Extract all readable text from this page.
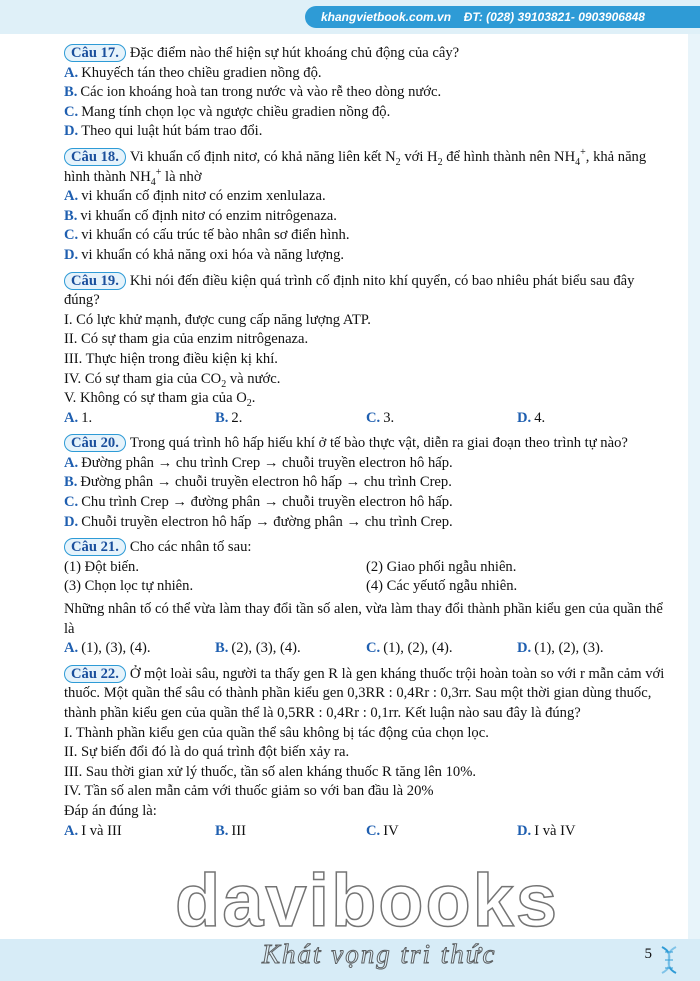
khangvietbook.com.vn ĐT: (028) 39103821- 0903906848
Câu 17. Đặc điểm nào thể hiện sự hút khoáng chủ động của cây?
A. Khuyếch tán theo chiều gradien nồng độ.
B. Các ion khoáng hoà tan trong nước và vào rễ theo dòng nước.
C. Mang tính chọn lọc và ngược chiều gradien nồng độ.
D. Theo qui luật hút bám trao đổi.
Câu 18. Vi khuẩn cố định nitơ, có khả năng liên kết $N_2$ với $H_2$ để hình thành nên $NH_4^+$, khả năng hình thành $NH_4^+$ là nhờ
A. vi khuẩn cố định nitơ có enzim xenlulaza.
B. vi khuẩn cố định nitơ có enzim nitrôgenaza.
C. vi khuẩn có cấu trúc tế bào nhân sơ điển hình.
D. vi khuẩn có khả năng oxi hóa và năng lượng.
Câu 19. Khi nói đến điều kiện quá trình cố định nito khí quyển, có bao nhiêu phát biểu sau đây đúng?
I. Có lực khử mạnh, được cung cấp năng lượng ATP.
II. Có sự tham gia của enzim nitrôgenaza.
III. Thực hiện trong điều kiện kị khí.
IV. Có sự tham gia của $CO_2$ và nước.
V. Không có sự tham gia của $O_2$.
A. 1.	B. 2.	C. 3.	D. 4.
Câu 20. Trong quá trình hô hấp hiếu khí ở tế bào thực vật, diễn ra giai đoạn theo trình tự nào?
A. Đường phân → chu trình Crep → chuỗi truyền electron hô hấp.
B. Đường phân → chuỗi truyền electron hô hấp → chu trình Crep.
C. Chu trình Crep → đường phân → chuỗi truyền electron hô hấp.
D. Chuỗi truyền electron hô hấp → đường phân → chu trình Crep.
Câu 21. Cho các nhân tố sau:
(1) Đột biến.	(2) Giao phối ngẫu nhiên.
(3) Chọn lọc tự nhiên.	(4) Các yếutố ngẫu nhiên.
Những nhân tố có thể vừa làm thay đổi tần số alen, vừa làm thay đổi thành phần kiểu gen của quần thể là
A. (1), (3), (4).	B. (2), (3), (4).	C. (1), (2), (4).	D. (1), (2), (3).
Câu 22. Ở một loài sâu, người ta thấy gen R là gen kháng thuốc trội hoàn toàn so với r mẫn cảm với thuốc. Một quần thể sâu có thành phần kiểu gen 0,3RR : 0,4Rr : 0,3rr. Sau một thời gian dùng thuốc, thành phần kiểu gen của quần thể là 0,5RR : 0,4Rr : 0,1rr. Kết luận nào sau đây là đúng?
I. Thành phần kiểu gen của quần thể sâu không bị tác động của chọn lọc.
II. Sự biến đổi đó là do quá trình đột biến xảy ra.
III. Sau thời gian xử lý thuốc, tần số alen kháng thuốc R tăng lên 10%.
IV. Tần số alen mẫn cảm với thuốc giảm so với ban đầu là 20%
Đáp án đúng là:
A. I và III	B. III	C. IV	D. I và IV
5
davibooks
Khát vọng tri thức
